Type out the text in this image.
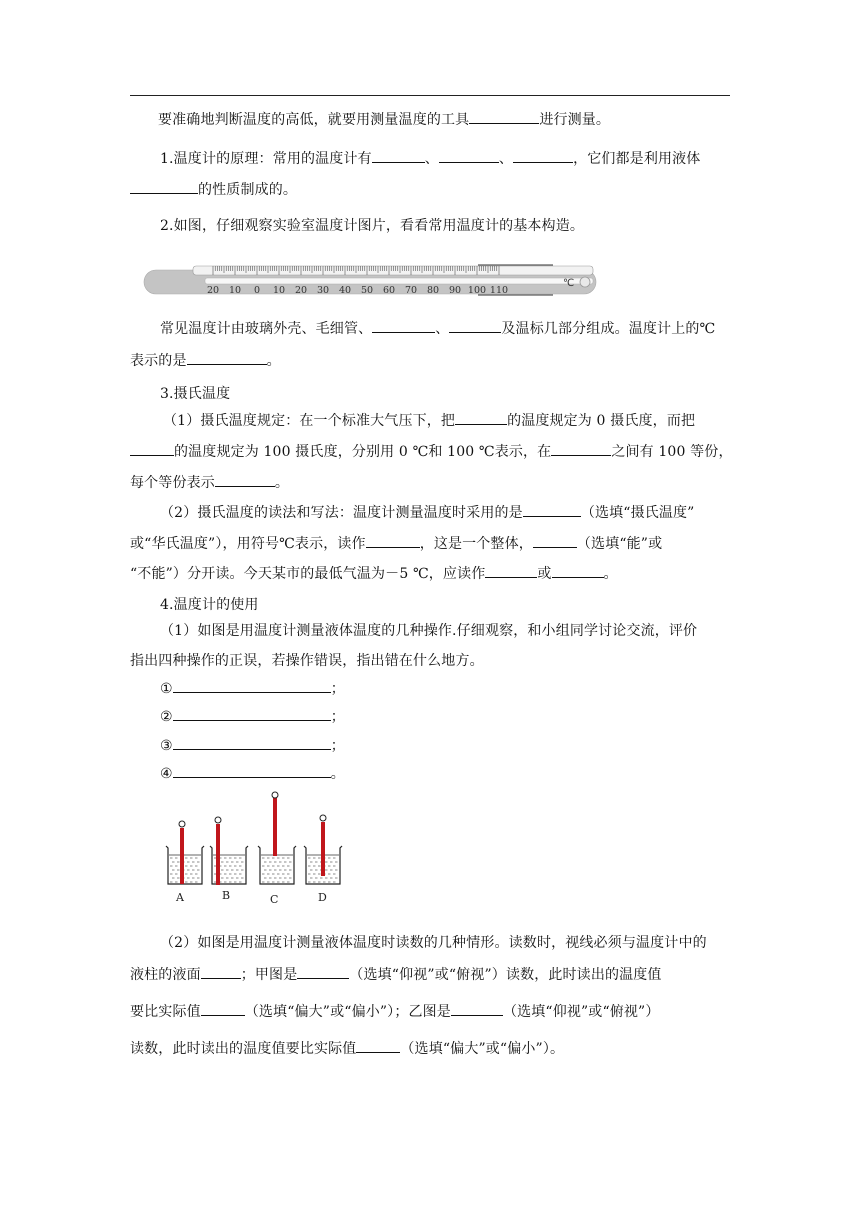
要准确地判断温度的高低，就要用测量温度的工具	进行测量。
1.温度计的原理：常用的温度计有	、	、	，它们都是利用液体
的性质制成的。
2.如图，仔细观察实验室温度计图片，看看常用温度计的基本构造。
20 10 0 10 20 30 40 50 60 70 80 90 100 110
℃
常见温度计由玻璃外壳、毛细管、	、	及温标几部分组成。温度计上的℃
表示的是	。
3.摄氏温度
（1）摄氏温度规定：在一个标准大气压下，把	的温度规定为 0 摄氏度，而把
的温度规定为 100 摄氏度，分别用 0 ℃和 100 ℃表示，在	之间有 100 等份，
每个等份表示	。
（2）摄氏温度的读法和写法：温度计测量温度时采用的是	（选填“摄氏温度”
或“华氏温度”），用符号℃表示，读作	，这是一个整体，	（选填“能”或
“不能”）分开读。今天某市的最低气温为－5 ℃，应读作	或	。
4.温度计的使用
（1）如图是用温度计测量液体温度的几种操作.仔细观察，和小组同学讨论交流，评价
指出四种操作的正误，若操作错误，指出错在什么地方。
①	；
②	；
③	；
④	。
A	B	C	D
（2）如图是用温度计测量液体温度时读数的几种情形。读数时，视线必须与温度计中的
液柱的液面	；甲图是	（选填“仰视”或“俯视”）读数，此时读出的温度值
要比实际值	（选填“偏大”或“偏小”）；乙图是	（选填“仰视”或“俯视”）
读数，此时读出的温度值要比实际值	（选填“偏大”或“偏小”）。
